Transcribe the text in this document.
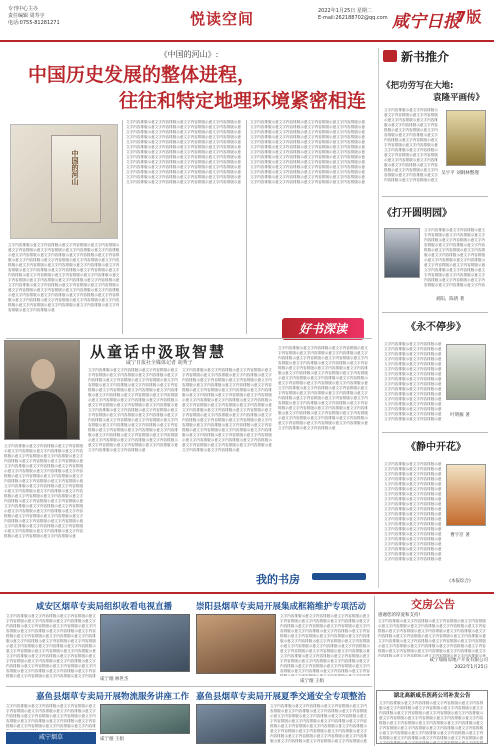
专刊中心主办
责任编辑 周寿宇
电话:0755-81281271	悦读空间	2022年1月25日 星期二
E-mail:262188702@qq.com 咸宁日报
7版
《中国的河山》:
中国历史发展的整体进程，
往往和特定地理环境紧密相连
中国的河山
文字内容排版示意文字内容排版示意文字内容排版示意文字内容排版示意文字内容排版示意文字内容排版示意文字内容排版示意文字内容排版示意文字内容排版示意文字内容排版示意文字内容排版示意文字内容排版示意文字内容排版示意文字内容排版示意文字内容排版示意文字内容排版示意文字内容排版示意文字内容排版示意文字内容排版示意文字内容排版示意文字内容排版示意文字内容排版示意文字内容排版示意文字内容排版示意文字内容排版示意文字内容排版示意文字内容排版示意文字内容排版示意文字内容排版示意文字内容排版示意文字内容排版示意文字内容排版示意文字内容排版示意文字内容排版示意文字内容排版示意文字内容排版示意文字内容排版示意文字内容排版示意文字内容排版示意文字内容排版示意文字内容排版示意文字内容排版示意文字内容排版示意文字内容排版示意文字内容排版示意文字内容排版示意文字内容排版示意文字内容排版示意文字内容排版示意文字内容排版示意文字内容排版示意文字内容排版示意
文字内容排版示意文字内容排版示意文字内容排版示意文字内容排版示意文字内容排版示意文字内容排版示意文字内容排版示意文字内容排版示意文字内容排版示意文字内容排版示意文字内容排版示意文字内容排版示意文字内容排版示意文字内容排版示意文字内容排版示意文字内容排版示意文字内容排版示意文字内容排版示意文字内容排版示意文字内容排版示意文字内容排版示意文字内容排版示意文字内容排版示意文字内容排版示意文字内容排版示意文字内容排版示意文字内容排版示意文字内容排版示意文字内容排版示意文字内容排版示意文字内容排版示意文字内容排版示意文字内容排版示意文字内容排版示意文字内容排版示意文字内容排版示意文字内容排版示意文字内容排版示意文字内容排版示意文字内容排版示意文字内容排版示意文字内容排版示意文字内容排版示意文字内容排版示意文字内容排版示意文字内容排版示意文字内容排版示意文字内容排版示意文字内容排版示意文字内容排版示意文字内容排版示意文字内容排版示意
文字内容排版示意文字内容排版示意文字内容排版示意文字内容排版示意文字内容排版示意文字内容排版示意文字内容排版示意文字内容排版示意文字内容排版示意文字内容排版示意文字内容排版示意文字内容排版示意文字内容排版示意文字内容排版示意文字内容排版示意文字内容排版示意文字内容排版示意文字内容排版示意文字内容排版示意文字内容排版示意文字内容排版示意文字内容排版示意文字内容排版示意文字内容排版示意文字内容排版示意文字内容排版示意文字内容排版示意文字内容排版示意文字内容排版示意文字内容排版示意文字内容排版示意文字内容排版示意文字内容排版示意文字内容排版示意文字内容排版示意文字内容排版示意文字内容排版示意文字内容排版示意文字内容排版示意文字内容排版示意文字内容排版示意文字内容排版示意文字内容排版示意文字内容排版示意文字内容排版示意文字内容排版示意文字内容排版示意文字内容排版示意文字内容排版示意文字内容排版示意文字内容排版示意文字内容排版示意
好书深读
从童话中汲取智慧
咸宁日报社全媒体记者 胡秀子
文字内容排版示意文字内容排版示意文字内容排版示意文字内容排版示意文字内容排版示意文字内容排版示意文字内容排版示意文字内容排版示意文字内容排版示意文字内容排版示意文字内容排版示意文字内容排版示意文字内容排版示意文字内容排版示意文字内容排版示意文字内容排版示意文字内容排版示意文字内容排版示意文字内容排版示意文字内容排版示意文字内容排版示意文字内容排版示意文字内容排版示意文字内容排版示意文字内容排版示意文字内容排版示意文字内容排版示意文字内容排版示意文字内容排版示意文字内容排版示意文字内容排版示意文字内容排版示意文字内容排版示意文字内容排版示意文字内容排版示意文字内容排版示意文字内容排版示意文字内容排版示意文字内容排版示意文字内容排版示意文字内容排版示意文字内容排版示意文字内容排版示意文字内容排版示意文字内容排版示意文字内容排版示意文字内容排版示意文字内容排版示意文字内容排版示意文字内容排版示意文字内容排版示意文字内容排版示意
文字内容排版示意文字内容排版示意文字内容排版示意文字内容排版示意文字内容排版示意文字内容排版示意文字内容排版示意文字内容排版示意文字内容排版示意文字内容排版示意文字内容排版示意文字内容排版示意文字内容排版示意文字内容排版示意文字内容排版示意文字内容排版示意文字内容排版示意文字内容排版示意文字内容排版示意文字内容排版示意文字内容排版示意文字内容排版示意文字内容排版示意文字内容排版示意文字内容排版示意文字内容排版示意文字内容排版示意文字内容排版示意文字内容排版示意文字内容排版示意文字内容排版示意文字内容排版示意文字内容排版示意文字内容排版示意文字内容排版示意文字内容排版示意文字内容排版示意文字内容排版示意文字内容排版示意文字内容排版示意文字内容排版示意文字内容排版示意文字内容排版示意文字内容排版示意文字内容排版示意文字内容排版示意文字内容排版示意文字内容排版示意文字内容排版示意文字内容排版示意文字内容排版示意文字内容排版示意
文字内容排版示意文字内容排版示意文字内容排版示意文字内容排版示意文字内容排版示意文字内容排版示意文字内容排版示意文字内容排版示意文字内容排版示意文字内容排版示意文字内容排版示意文字内容排版示意文字内容排版示意文字内容排版示意文字内容排版示意文字内容排版示意文字内容排版示意文字内容排版示意文字内容排版示意文字内容排版示意文字内容排版示意文字内容排版示意文字内容排版示意文字内容排版示意文字内容排版示意文字内容排版示意文字内容排版示意文字内容排版示意文字内容排版示意文字内容排版示意文字内容排版示意文字内容排版示意文字内容排版示意文字内容排版示意文字内容排版示意文字内容排版示意文字内容排版示意文字内容排版示意文字内容排版示意文字内容排版示意文字内容排版示意文字内容排版示意文字内容排版示意文字内容排版示意文字内容排版示意文字内容排版示意文字内容排版示意文字内容排版示意文字内容排版示意文字内容排版示意文字内容排版示意文字内容排版示意
文字内容排版示意文字内容排版示意文字内容排版示意文字内容排版示意文字内容排版示意文字内容排版示意文字内容排版示意文字内容排版示意文字内容排版示意文字内容排版示意文字内容排版示意文字内容排版示意文字内容排版示意文字内容排版示意文字内容排版示意文字内容排版示意文字内容排版示意文字内容排版示意文字内容排版示意文字内容排版示意文字内容排版示意文字内容排版示意文字内容排版示意文字内容排版示意文字内容排版示意文字内容排版示意文字内容排版示意文字内容排版示意文字内容排版示意文字内容排版示意文字内容排版示意文字内容排版示意文字内容排版示意文字内容排版示意文字内容排版示意文字内容排版示意文字内容排版示意文字内容排版示意文字内容排版示意文字内容排版示意文字内容排版示意文字内容排版示意文字内容排版示意文字内容排版示意文字内容排版示意文字内容排版示意文字内容排版示意文字内容排版示意文字内容排版示意文字内容排版示意文字内容排版示意文字内容排版示意
我的书房
新书推介
《把功劳写在大地:
袁隆平画传》
文字内容排版示意文字内容排版示意文字内容排版示意文字内容排版示意文字内容排版示意文字内容排版示意文字内容排版示意文字内容排版示意文字内容排版示意文字内容排版示意文字内容排版示意文字内容排版示意文字内容排版示意文字内容排版示意文字内容排版示意文字内容排版示意文字内容排版示意文字内容排版示意文字内容排版示意文字内容排版示意文字内容排版示意文字内容排版示意文字内容排版示意文字内容排版示意文字内容排版示意文字内容排版示意文字内容排版示意文字内容排版示意文字内容排版示意文字内容排版示意文字内容排版示意文字内容排版示意文字内容排版示意文字内容排版示意文字内容排版示意文字内容排版示意文字内容排版示意文字内容排版示意文字内容排版示意文字内容排版示意文字内容排版示意文字内容排版示意文字内容排版示意文字内容排版示意文字内容排版示意文字内容排版示意文字内容排版示意文字内容排版示意文字内容排版示意文字内容排版示意文字内容排版示意文字内容排版示意
吴宇平 刘钢林整理
《打开圆明园》
文字内容排版示意文字内容排版示意文字内容排版示意文字内容排版示意文字内容排版示意文字内容排版示意文字内容排版示意文字内容排版示意文字内容排版示意文字内容排版示意文字内容排版示意文字内容排版示意文字内容排版示意文字内容排版示意文字内容排版示意文字内容排版示意文字内容排版示意文字内容排版示意文字内容排版示意文字内容排版示意文字内容排版示意文字内容排版示意文字内容排版示意文字内容排版示意文字内容排版示意文字内容排版示意文字内容排版示意文字内容排版示意文字内容排版示意文字内容排版示意文字内容排版示意文字内容排版示意文字内容排版示意文字内容排版示意文字内容排版示意文字内容排版示意文字内容排版示意文字内容排版示意文字内容排版示意文字内容排版示意文字内容排版示意文字内容排版示意文字内容排版示意文字内容排版示意文字内容排版示意文字内容排版示意文字内容排版示意文字内容排版示意文字内容排版示意文字内容排版示意文字内容排版示意文字内容排版示意
刘阳、陈倩 著
《永不停步》
文字内容排版示意文字内容排版示意文字内容排版示意文字内容排版示意文字内容排版示意文字内容排版示意文字内容排版示意文字内容排版示意文字内容排版示意文字内容排版示意文字内容排版示意文字内容排版示意文字内容排版示意文字内容排版示意文字内容排版示意文字内容排版示意文字内容排版示意文字内容排版示意文字内容排版示意文字内容排版示意文字内容排版示意文字内容排版示意文字内容排版示意文字内容排版示意文字内容排版示意文字内容排版示意文字内容排版示意文字内容排版示意文字内容排版示意文字内容排版示意文字内容排版示意文字内容排版示意文字内容排版示意文字内容排版示意文字内容排版示意文字内容排版示意文字内容排版示意文字内容排版示意文字内容排版示意文字内容排版示意文字内容排版示意文字内容排版示意文字内容排版示意文字内容排版示意文字内容排版示意文字内容排版示意文字内容排版示意文字内容排版示意文字内容排版示意文字内容排版示意文字内容排版示意文字内容排版示意
叶明雁 著
《静中开花》
文字内容排版示意文字内容排版示意文字内容排版示意文字内容排版示意文字内容排版示意文字内容排版示意文字内容排版示意文字内容排版示意文字内容排版示意文字内容排版示意文字内容排版示意文字内容排版示意文字内容排版示意文字内容排版示意文字内容排版示意文字内容排版示意文字内容排版示意文字内容排版示意文字内容排版示意文字内容排版示意文字内容排版示意文字内容排版示意文字内容排版示意文字内容排版示意文字内容排版示意文字内容排版示意文字内容排版示意文字内容排版示意文字内容排版示意文字内容排版示意文字内容排版示意文字内容排版示意文字内容排版示意文字内容排版示意文字内容排版示意文字内容排版示意文字内容排版示意文字内容排版示意文字内容排版示意文字内容排版示意文字内容排版示意文字内容排版示意文字内容排版示意文字内容排版示意文字内容排版示意文字内容排版示意文字内容排版示意文字内容排版示意文字内容排版示意文字内容排版示意文字内容排版示意文字内容排版示意
曹宇臣 著
(本报综合)
咸安区烟草专卖局组织收看电视直播
文字内容排版示意文字内容排版示意文字内容排版示意文字内容排版示意文字内容排版示意文字内容排版示意文字内容排版示意文字内容排版示意文字内容排版示意文字内容排版示意文字内容排版示意文字内容排版示意文字内容排版示意文字内容排版示意文字内容排版示意文字内容排版示意文字内容排版示意文字内容排版示意文字内容排版示意文字内容排版示意文字内容排版示意文字内容排版示意文字内容排版示意文字内容排版示意文字内容排版示意文字内容排版示意文字内容排版示意文字内容排版示意文字内容排版示意文字内容排版示意文字内容排版示意文字内容排版示意文字内容排版示意文字内容排版示意文字内容排版示意文字内容排版示意文字内容排版示意文字内容排版示意文字内容排版示意文字内容排版示意文字内容排版示意文字内容排版示意文字内容排版示意文字内容排版示意文字内容排版示意文字内容排版示意文字内容排版示意文字内容排版示意文字内容排版示意文字内容排版示意文字内容排版示意文字内容排版示意
咸宁烟 林世杰
崇阳县烟草专卖局开展集成框箱维护专项活动
文字内容排版示意文字内容排版示意文字内容排版示意文字内容排版示意文字内容排版示意文字内容排版示意文字内容排版示意文字内容排版示意文字内容排版示意文字内容排版示意文字内容排版示意文字内容排版示意文字内容排版示意文字内容排版示意文字内容排版示意文字内容排版示意文字内容排版示意文字内容排版示意文字内容排版示意文字内容排版示意文字内容排版示意文字内容排版示意文字内容排版示意文字内容排版示意文字内容排版示意文字内容排版示意文字内容排版示意文字内容排版示意文字内容排版示意文字内容排版示意文字内容排版示意文字内容排版示意文字内容排版示意文字内容排版示意文字内容排版示意文字内容排版示意文字内容排版示意文字内容排版示意文字内容排版示意文字内容排版示意文字内容排版示意文字内容排版示意文字内容排版示意文字内容排版示意文字内容排版示意文字内容排版示意文字内容排版示意文字内容排版示意文字内容排版示意文字内容排版示意文字内容排版示意文字内容排版示意
咸宁烟 王娟
嘉鱼县烟草专卖局开展物流服务讲座工作
文字内容排版示意文字内容排版示意文字内容排版示意文字内容排版示意文字内容排版示意文字内容排版示意文字内容排版示意文字内容排版示意文字内容排版示意文字内容排版示意文字内容排版示意文字内容排版示意文字内容排版示意文字内容排版示意文字内容排版示意文字内容排版示意文字内容排版示意文字内容排版示意文字内容排版示意文字内容排版示意文字内容排版示意文字内容排版示意文字内容排版示意文字内容排版示意文字内容排版示意文字内容排版示意文字内容排版示意文字内容排版示意文字内容排版示意文字内容排版示意文字内容排版示意文字内容排版示意文字内容排版示意文字内容排版示意文字内容排版示意文字内容排版示意文字内容排版示意文字内容排版示意文字内容排版示意文字内容排版示意文字内容排版示意文字内容排版示意文字内容排版示意文字内容排版示意文字内容排版示意文字内容排版示意文字内容排版示意文字内容排版示意文字内容排版示意文字内容排版示意文字内容排版示意文字内容排版示意
咸宁烟 王娟
咸宁烟草
嘉鱼县烟草专卖局开展夏季交通安全专项整治
文字内容排版示意文字内容排版示意文字内容排版示意文字内容排版示意文字内容排版示意文字内容排版示意文字内容排版示意文字内容排版示意文字内容排版示意文字内容排版示意文字内容排版示意文字内容排版示意文字内容排版示意文字内容排版示意文字内容排版示意文字内容排版示意文字内容排版示意文字内容排版示意文字内容排版示意文字内容排版示意文字内容排版示意文字内容排版示意文字内容排版示意文字内容排版示意文字内容排版示意文字内容排版示意文字内容排版示意文字内容排版示意文字内容排版示意文字内容排版示意文字内容排版示意文字内容排版示意文字内容排版示意文字内容排版示意文字内容排版示意文字内容排版示意文字内容排版示意文字内容排版示意文字内容排版示意文字内容排版示意文字内容排版示意文字内容排版示意文字内容排版示意文字内容排版示意文字内容排版示意文字内容排版示意文字内容排版示意文字内容排版示意文字内容排版示意文字内容排版示意文字内容排版示意文字内容排版示意
交房公告
感谢您的厚爱和支持!
文字内容排版示意文字内容排版示意文字内容排版示意文字内容排版示意文字内容排版示意文字内容排版示意文字内容排版示意文字内容排版示意文字内容排版示意文字内容排版示意文字内容排版示意文字内容排版示意文字内容排版示意文字内容排版示意文字内容排版示意文字内容排版示意文字内容排版示意文字内容排版示意文字内容排版示意文字内容排版示意文字内容排版示意文字内容排版示意文字内容排版示意文字内容排版示意文字内容排版示意文字内容排版示意文字内容排版示意文字内容排版示意文字内容排版示意文字内容排版示意文字内容排版示意文字内容排版示意文字内容排版示意文字内容排版示意文字内容排版示意文字内容排版示意文字内容排版示意文字内容排版示意文字内容排版示意文字内容排版示意文字内容排版示意文字内容排版示意文字内容排版示意文字内容排版示意文字内容排版示意文字内容排版示意文字内容排版示意文字内容排版示意文字内容排版示意文字内容排版示意文字内容排版示意文字内容排版示意
咸宁瑞阳房地产开发有限公司
2022年1月25日
湖北高新咸乐医药公司补发公告
文字内容排版示意文字内容排版示意文字内容排版示意文字内容排版示意文字内容排版示意文字内容排版示意文字内容排版示意文字内容排版示意文字内容排版示意文字内容排版示意文字内容排版示意文字内容排版示意文字内容排版示意文字内容排版示意文字内容排版示意文字内容排版示意文字内容排版示意文字内容排版示意文字内容排版示意文字内容排版示意文字内容排版示意文字内容排版示意文字内容排版示意文字内容排版示意文字内容排版示意文字内容排版示意文字内容排版示意文字内容排版示意文字内容排版示意文字内容排版示意文字内容排版示意文字内容排版示意文字内容排版示意文字内容排版示意文字内容排版示意文字内容排版示意文字内容排版示意文字内容排版示意文字内容排版示意文字内容排版示意文字内容排版示意文字内容排版示意文字内容排版示意文字内容排版示意文字内容排版示意文字内容排版示意文字内容排版示意文字内容排版示意文字内容排版示意文字内容排版示意文字内容排版示意文字内容排版示意
